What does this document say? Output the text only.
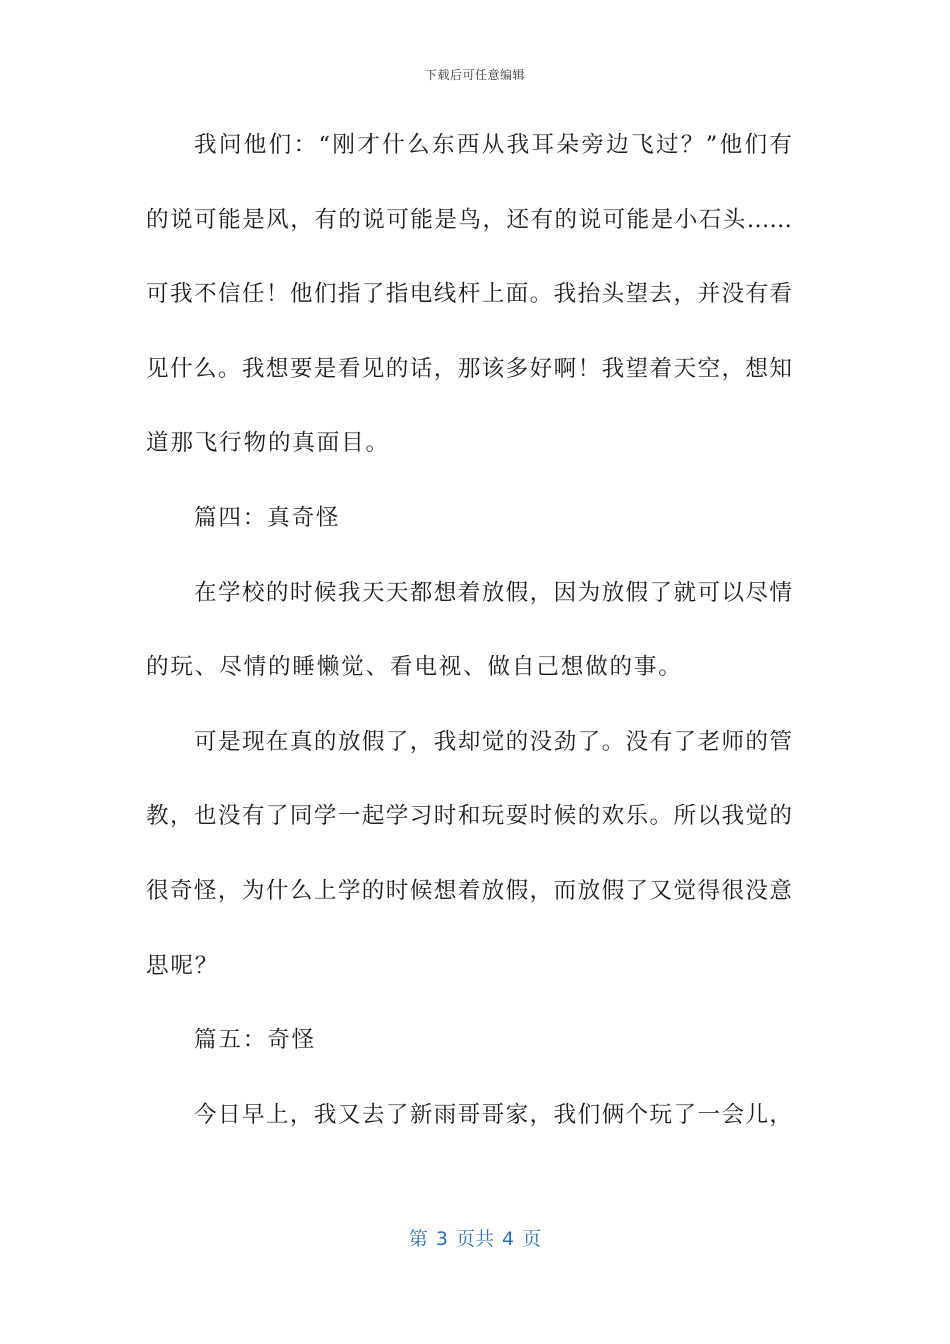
下载后可任意编辑
我问他们：“刚才什么东西从我耳朵旁边飞过？”他们有
的说可能是风，有的说可能是鸟，还有的说可能是小石头……
可我不信任！他们指了指电线杆上面。我抬头望去，并没有看
见什么。我想要是看见的话，那该多好啊！我望着天空，想知
道那飞行物的真面目。
篇四：真奇怪
在学校的时候我天天都想着放假，因为放假了就可以尽情
的玩、尽情的睡懒觉、看电视、做自己想做的事。
可是现在真的放假了，我却觉的没劲了。没有了老师的管
教，也没有了同学一起学习时和玩耍时候的欢乐。所以我觉的
很奇怪，为什么上学的时候想着放假，而放假了又觉得很没意
思呢？
篇五：奇怪
今日早上，我又去了新雨哥哥家，我们俩个玩了一会儿，
第 3 页共 4 页
